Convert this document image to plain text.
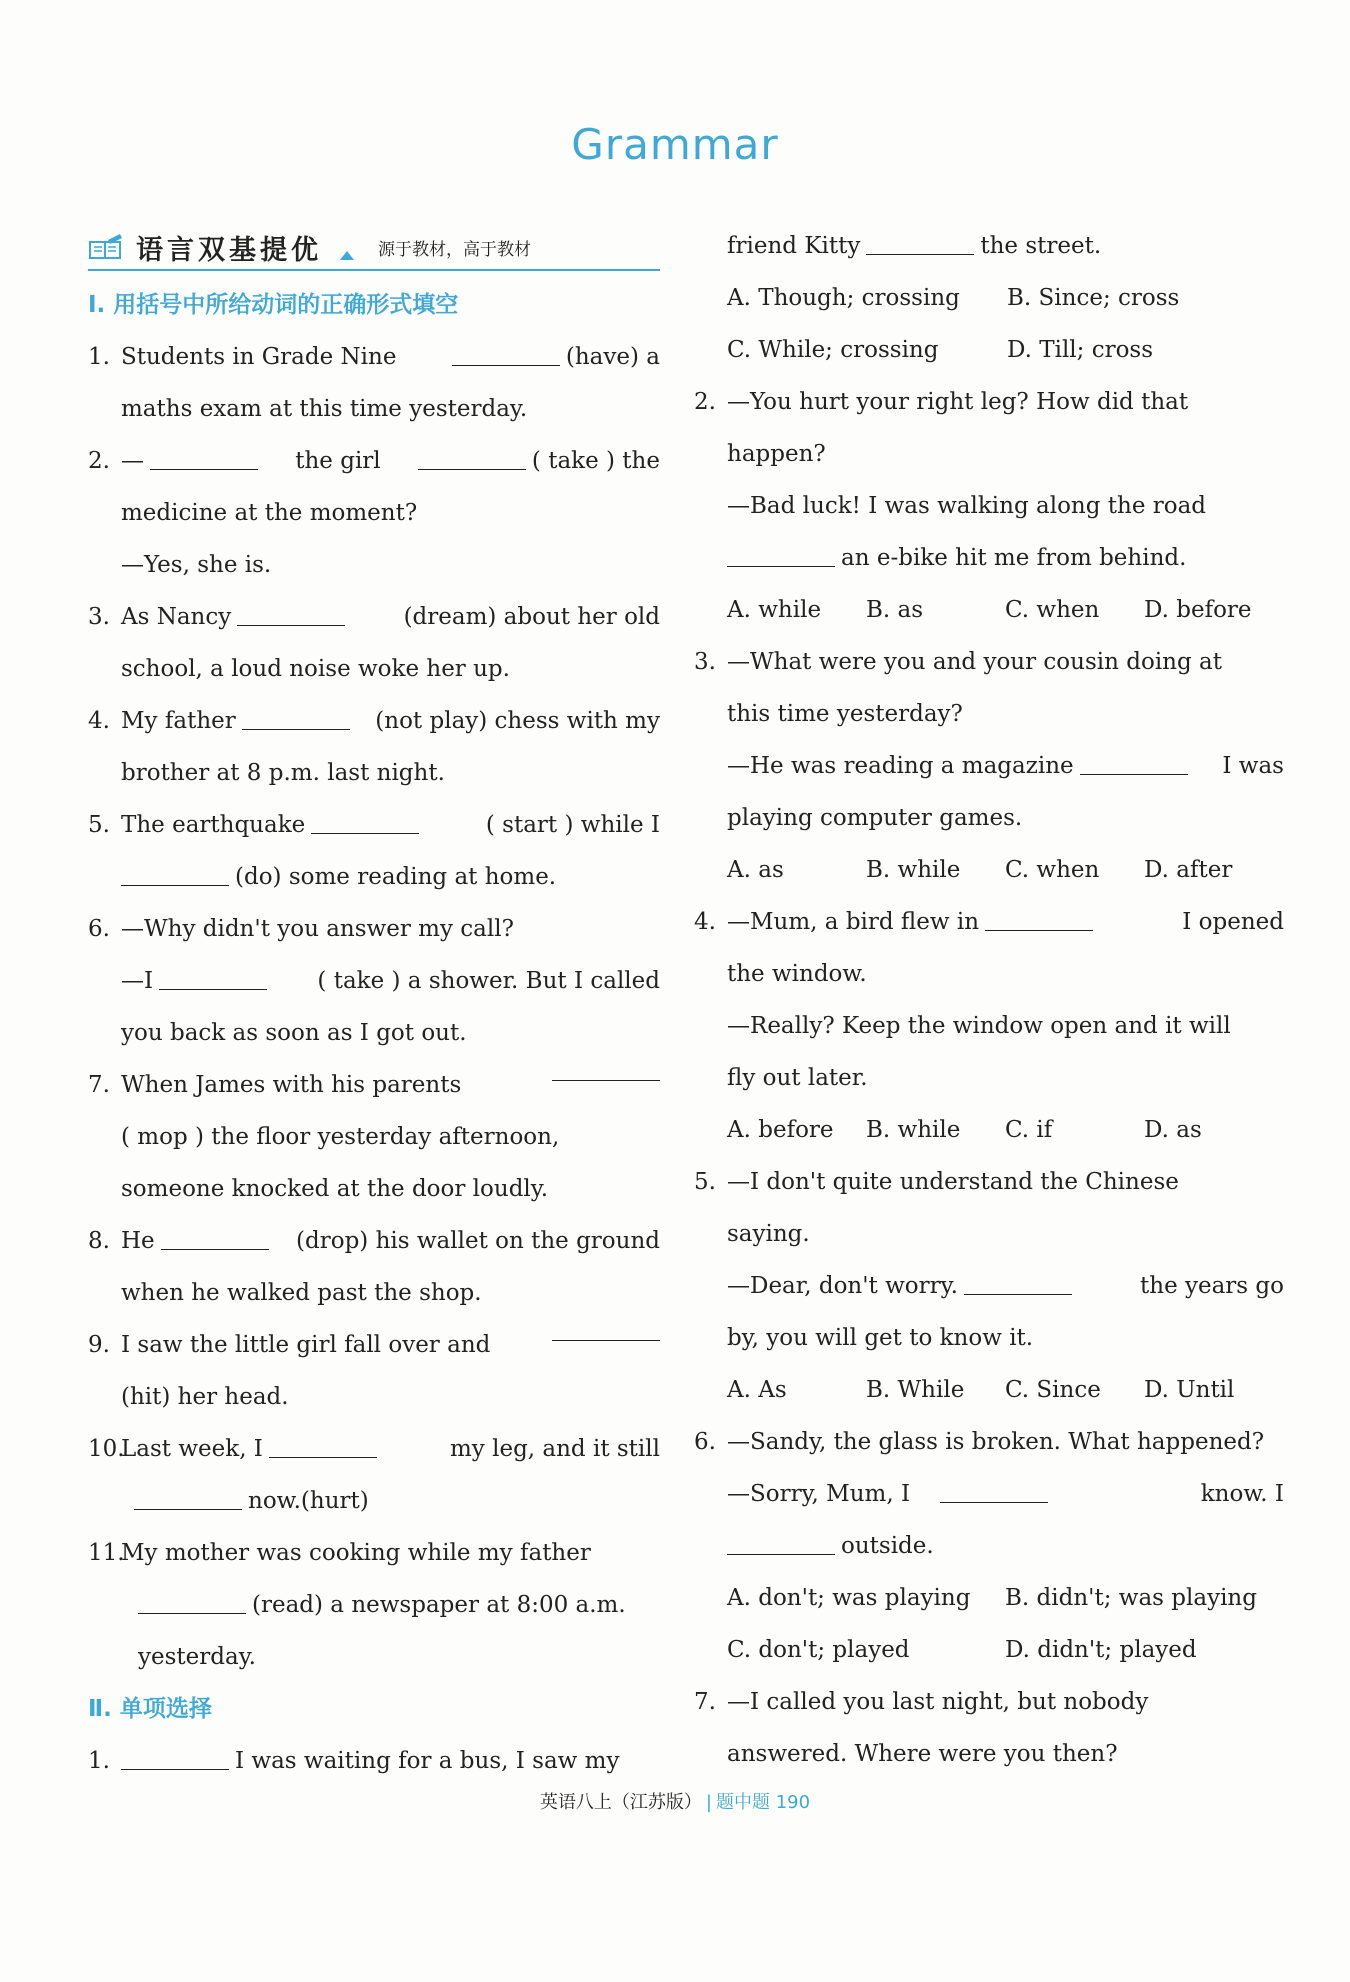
Grammar
语言双基提优	源于教材，高于教材
Ⅰ. 用括号中所给动词的正确形式填空
1. Students in Grade Nine	(have) a
maths exam at this time yesterday.
2. —	the girl	( take ) the
medicine at the moment?
—Yes, she is.
3. As Nancy	(dream) about her old
school, a loud noise woke her up.
4. My father	(not play) chess with my
brother at 8 p.m. last night.
5. The earthquake	( start ) while I
(do) some reading at home.
6. —Why didn't you answer my call?
—I	( take ) a shower. But I called
you back as soon as I got out.
7. When James with his parents
( mop ) the floor yesterday afternoon,
someone knocked at the door loudly.
8. He	(drop) his wallet on the ground
when he walked past the shop.
9. I saw the little girl fall over and
(hit) her head.
10.Last week, I	my leg, and it still
now.(hurt)
11.My mother was cooking while my father
(read) a newspaper at 8:00 a.m.
yesterday.
Ⅱ. 单项选择
1.	I was waiting for a bus, I saw my
friend Kitty	the street.
A. Though; crossing	B. Since; cross
C. While; crossing	D. Till; cross
2. —You hurt your right leg? How did that
happen?
—Bad luck! I was walking along the road
an e-bike hit me from behind.
A. while	B. as	C. when	D. before
3. —What were you and your cousin doing at
this time yesterday?
—He was reading a magazine	I was
playing computer games.
A. as	B. while	C. when	D. after
4. —Mum, a bird flew in	I opened
the window.
—Really? Keep the window open and it will
fly out later.
A. before	B. while	C. if	D. as
5. —I don't quite understand the Chinese
saying.
—Dear, don't worry.	the years go
by, you will get to know it.
A. As	B. While	C. Since	D. Until
6. —Sandy, the glass is broken. What happened?
—Sorry, Mum, I	know. I
outside.
A. don't; was playing	B. didn't; was playing
C. don't; played	D. didn't; played
7. —I called you last night, but nobody
answered. Where were you then?
英语八上（江苏版） | 题中题 190
